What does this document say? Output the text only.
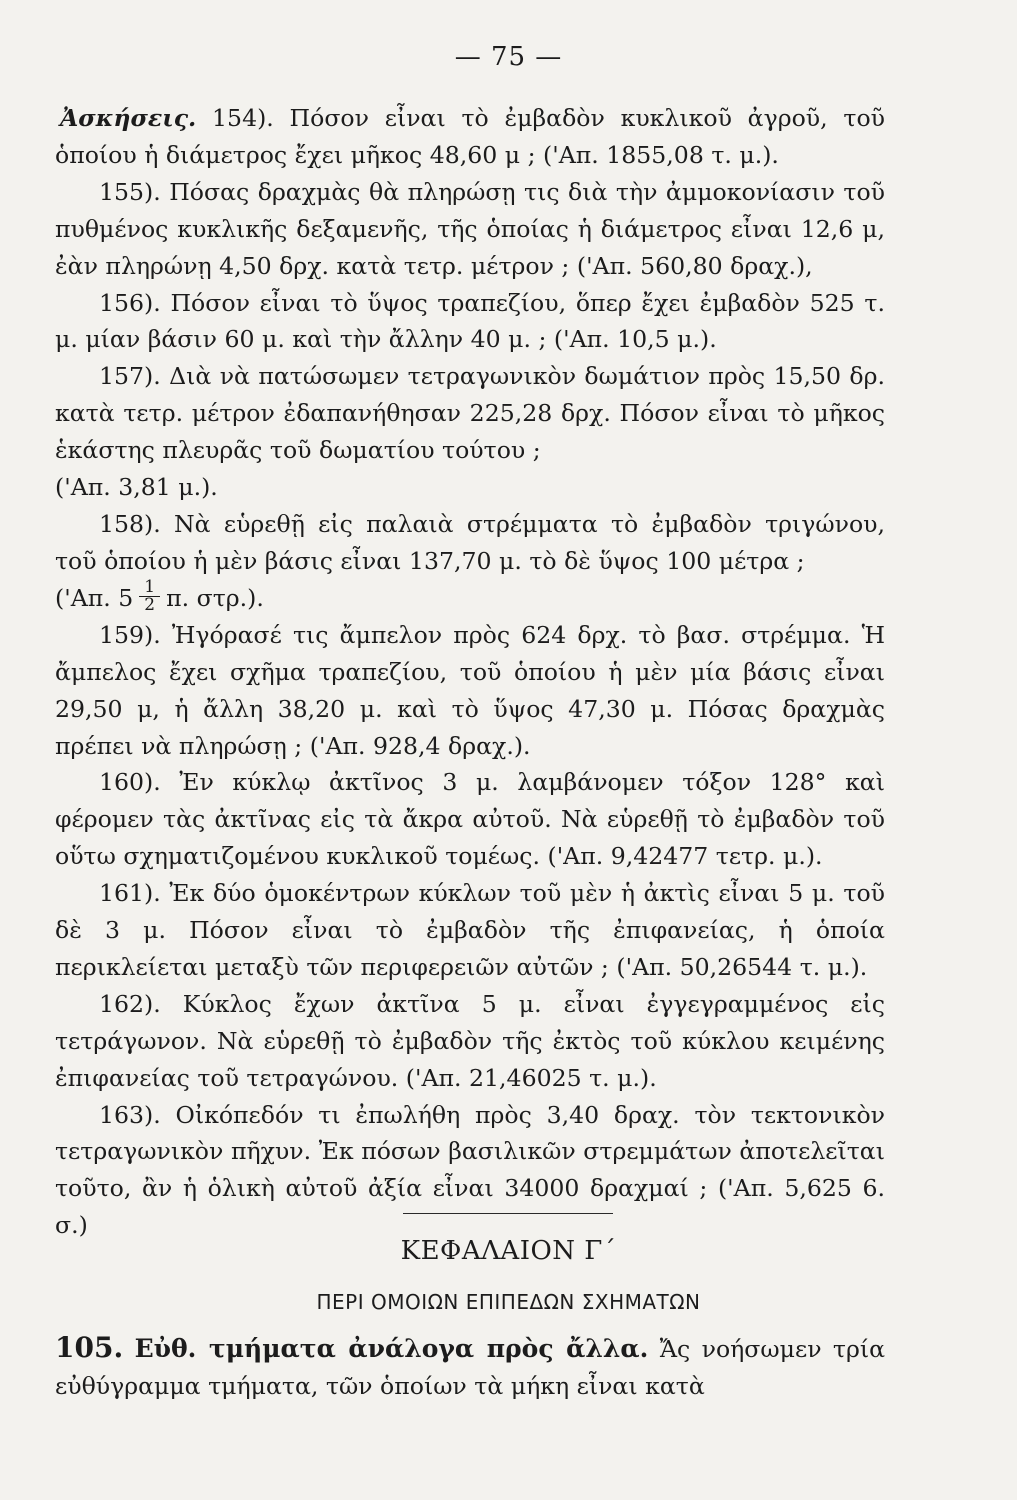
— 75 —

Ἀσκήσεις. 154). Πόσον εἶναι τὸ ἐμβαδὸν κυκλικοῦ ἀγροῦ, τοῦ ὁποίου ἡ διάμετρος ἔχει μῆκος 48,60 μ ; ('Απ. 1855,08 τ. μ.).

155). Πόσας δραχμὰς θὰ πληρώσῃ τις διὰ τὴν ἀμμοκονίασιν τοῦ πυθμένος κυκλικῆς δεξαμενῆς, τῆς ὁποίας ἡ διάμετρος εἶναι 12,6 μ, ἐὰν πληρώνῃ 4,50 δρχ. κατὰ τετρ. μέτρον ; ('Απ. 560,80 δραχ.),

156). Πόσον εἶναι τὸ ὕψος τραπεζίου, ὅπερ ἔχει ἐμβαδὸν 525 τ. μ. μίαν βάσιν 60 μ. καὶ τὴν ἄλλην 40 μ. ; ('Απ. 10,5 μ.).

157). Διὰ νὰ πατώσωμεν τετραγωνικὸν δωμάτιον πρὸς 15,50 δρ. κατὰ τετρ. μέτρον ἐδαπανήθησαν 225,28 δρχ. Πόσον εἶναι τὸ μῆκος ἑκάστης πλευρᾶς τοῦ δωματίου τούτου ;

('Απ. 3,81 μ.).

158). Νὰ εὑρεθῇ εἰς παλαιὰ στρέμματα τὸ ἐμβαδὸν τριγώνου, τοῦ ὁποίου ἡ μὲν βάσις εἶναι 137,70 μ. τὸ δὲ ὕψος 100 μέτρα ;

('Απ. $5 \frac{1}{2} \pi$. στρ.).

159). Ἠγόρασέ τις ἄμπελον πρὸς 624 δρχ. τὸ βασ. στρέμμα. Ἡ ἄμπελος ἔχει σχῆμα τραπεζίου, τοῦ ὁποίου ἡ μὲν μία βάσις εἶναι 29,50 μ, ἡ ἄλλη 38,20 μ. καὶ τὸ ὕψος 47,30 μ. Πόσας δραχμὰς πρέπει νὰ πληρώσῃ ; ('Απ. 928,4 δραχ.).

160). Ἐν κύκλῳ ἀκτῖνος 3 μ. λαμβάνομεν τόξον 128° καὶ φέρομεν τὰς ἀκτῖνας εἰς τὰ ἄκρα αὐτοῦ. Νὰ εὑρεθῇ τὸ ἐμβαδὸν τοῦ οὕτω σχηματιζομένου κυκλικοῦ τομέως. ('Απ. 9,42477 τετρ. μ.).

161). Ἐκ δύο ὁμοκέντρων κύκλων τοῦ μὲν ἡ ἀκτὶς εἶναι 5 μ. τοῦ δὲ 3 μ. Πόσον εἶναι τὸ ἐμβαδὸν τῆς ἐπιφανείας, ἡ ὁποία περικλείεται μεταξὺ τῶν περιφερειῶν αὐτῶν ; ('Απ. 50,26544 τ. μ.).

162). Κύκλος ἔχων ἀκτῖνα 5 μ. εἶναι ἐγγεγραμμένος εἰς τετράγωνον. Νὰ εὑρεθῇ τὸ ἐμβαδὸν τῆς ἐκτὸς τοῦ κύκλου κειμένης ἐπιφανείας τοῦ τετραγώνου. ('Απ. 21,46025 τ. μ.).

163). Οἰκόπεδόν τι ἐπωλήθη πρὸς 3,40 δραχ. τὸν τεκτονικὸν τετραγωνικὸν πῆχυν. Ἐκ πόσων βασιλικῶν στρεμμάτων ἀποτελεῖται τοῦτο, ἂν ἡ ὁλικὴ αὐτοῦ ἀξία εἶναι 34000 δραχμαί ; ('Απ. 5,625 6. σ.)

ΚΕΦΑΛΑΙΟΝ Γ΄
ΠΕΡΙ ΟΜΟΙΩΝ ΕΠΙΠΕΔΩΝ ΣΧΗΜΑΤΩΝ
105. Εὐθ. τμήματα ἀνάλογα πρὸς ἄλλα. Ἄς νοήσωμεν τρία εὐθύγραμμα τμήματα, τῶν ὁποίων τὰ μήκη εἶναι κατὰ
